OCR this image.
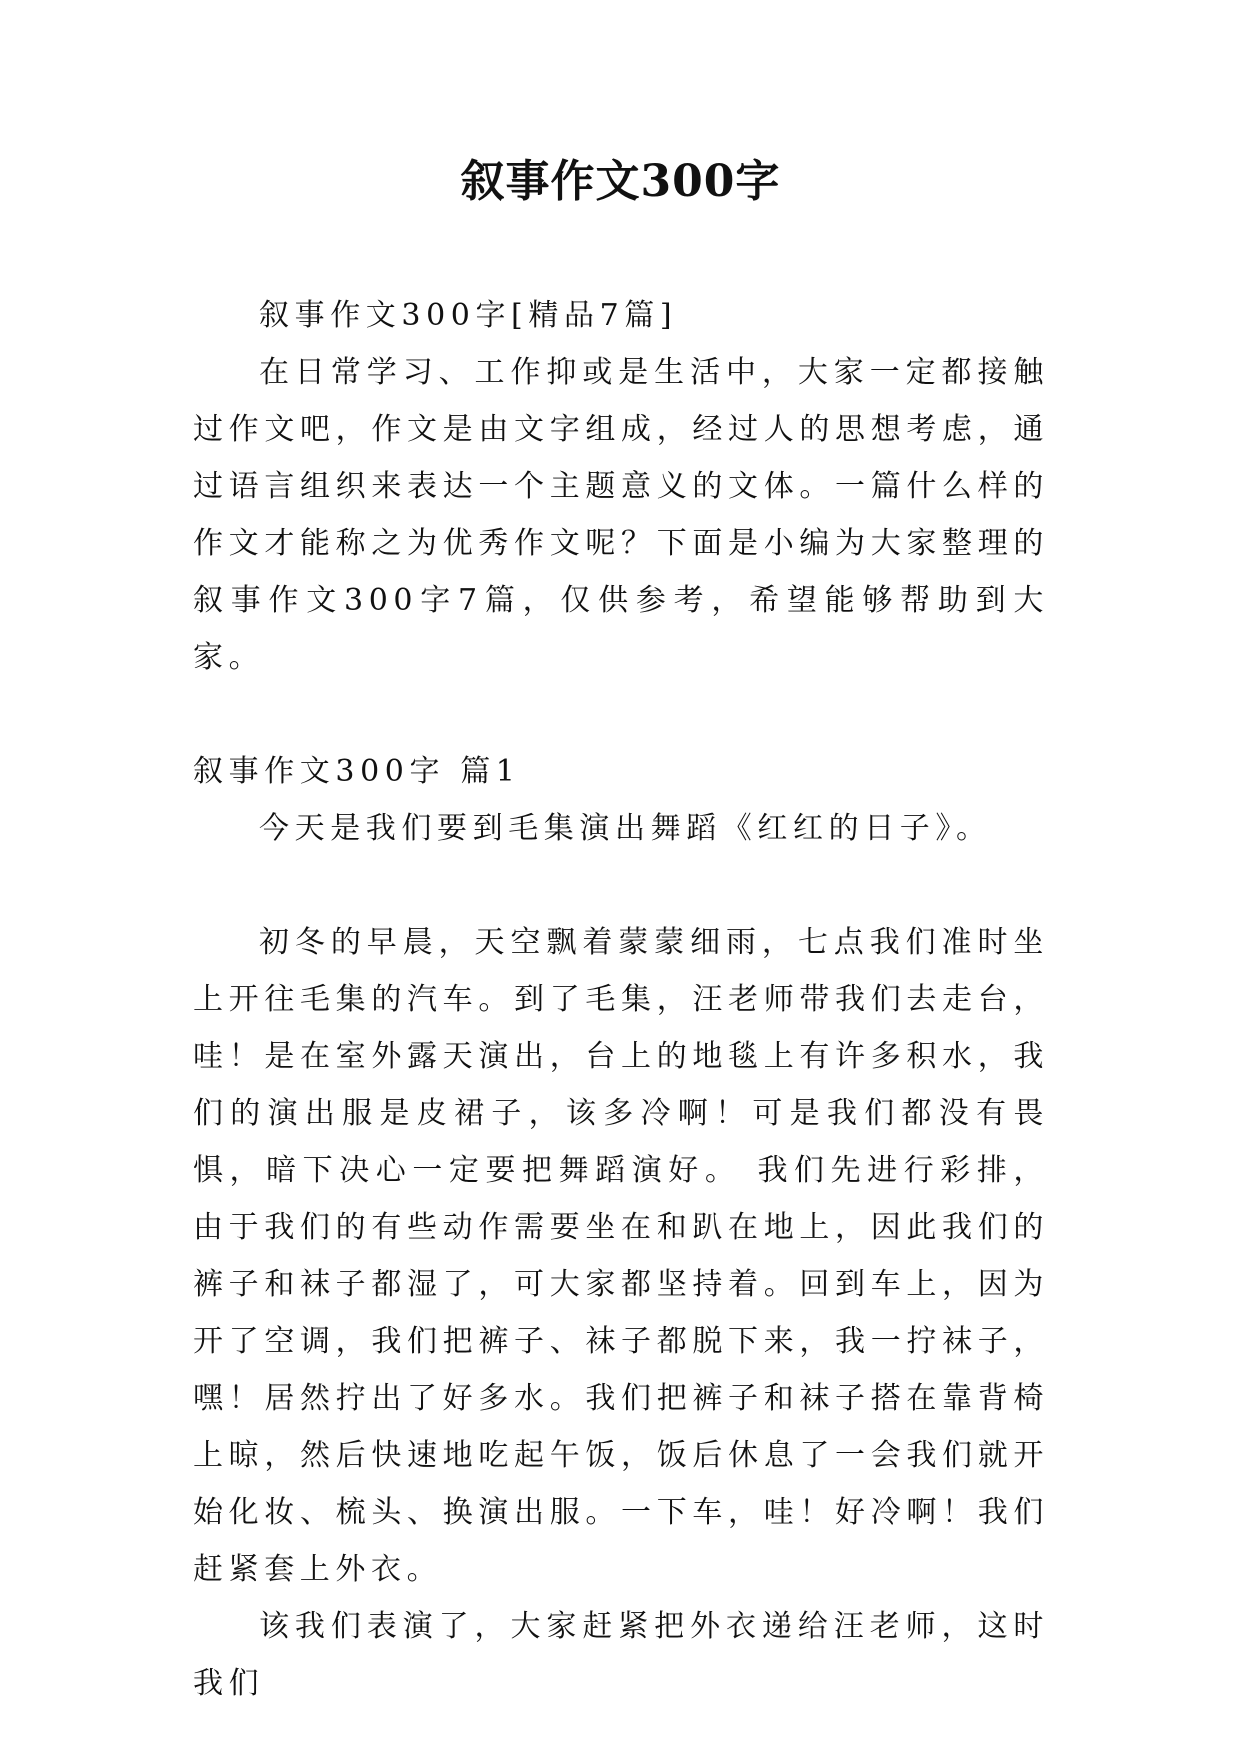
叙事作文300字

叙事作文300字[精品7篇]

在日常学习、工作抑或是生活中，大家一定都接触过作文吧，作文是由文字组成，经过人的思想考虑，通过语言组织来表达一个主题意义的文体。一篇什么样的作文才能称之为优秀作文呢？下面是小编为大家整理的叙事作文300字7篇，仅供参考，希望能够帮助到大家。

叙事作文300字 篇1

今天是我们要到毛集演出舞蹈《红红的日子》。

初冬的早晨，天空飘着蒙蒙细雨，七点我们准时坐上开往毛集的汽车。到了毛集，汪老师带我们去走台，哇！是在室外露天演出，台上的地毯上有许多积水，我们的演出服是皮裙子，该多冷啊！可是我们都没有畏惧，暗下决心一定要把舞蹈演好。 我们先进行彩排，由于我们的有些动作需要坐在和趴在地上，因此我们的裤子和袜子都湿了，可大家都坚持着。回到车上，因为开了空调，我们把裤子、袜子都脱下来，我一拧袜子，嘿！居然拧出了好多水。我们把裤子和袜子搭在靠背椅上晾，然后快速地吃起午饭，饭后休息了一会我们就开始化妆、梳头、换演出服。一下车，哇！好冷啊！我们赶紧套上外衣。

该我们表演了，大家赶紧把外衣递给汪老师，这时我们
